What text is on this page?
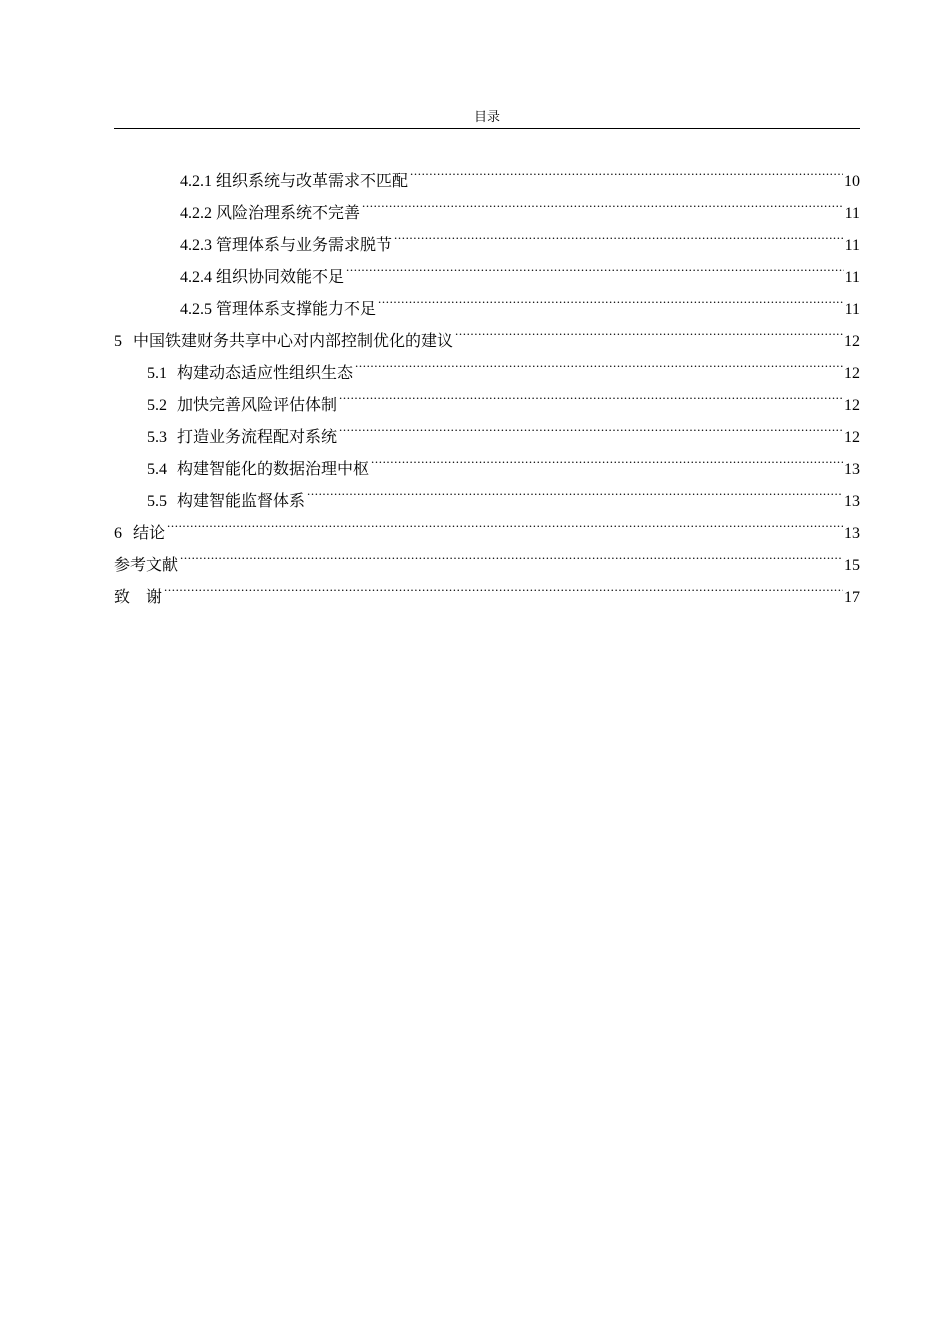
目录
4.2.1 组织系统与改革需求不匹配 .....	10
4.2.2 风险治理系统不完善 .....	11
4.2.3 管理体系与业务需求脱节 .....	11
4.2.4 组织协同效能不足 .....	11
4.2.5 管理体系支撑能力不足 .....	11
5 中国铁建财务共享中心对内部控制优化的建议 .....	12
5.1 构建动态适应性组织生态 .....	12
5.2 加快完善风险评估体制 .....	12
5.3 打造业务流程配对系统 .....	12
5.4 构建智能化的数据治理中枢 .....	13
5.5 构建智能监督体系 .....	13
6 结论 .....	13
参考文献 .....	15
致　谢 .....	17
